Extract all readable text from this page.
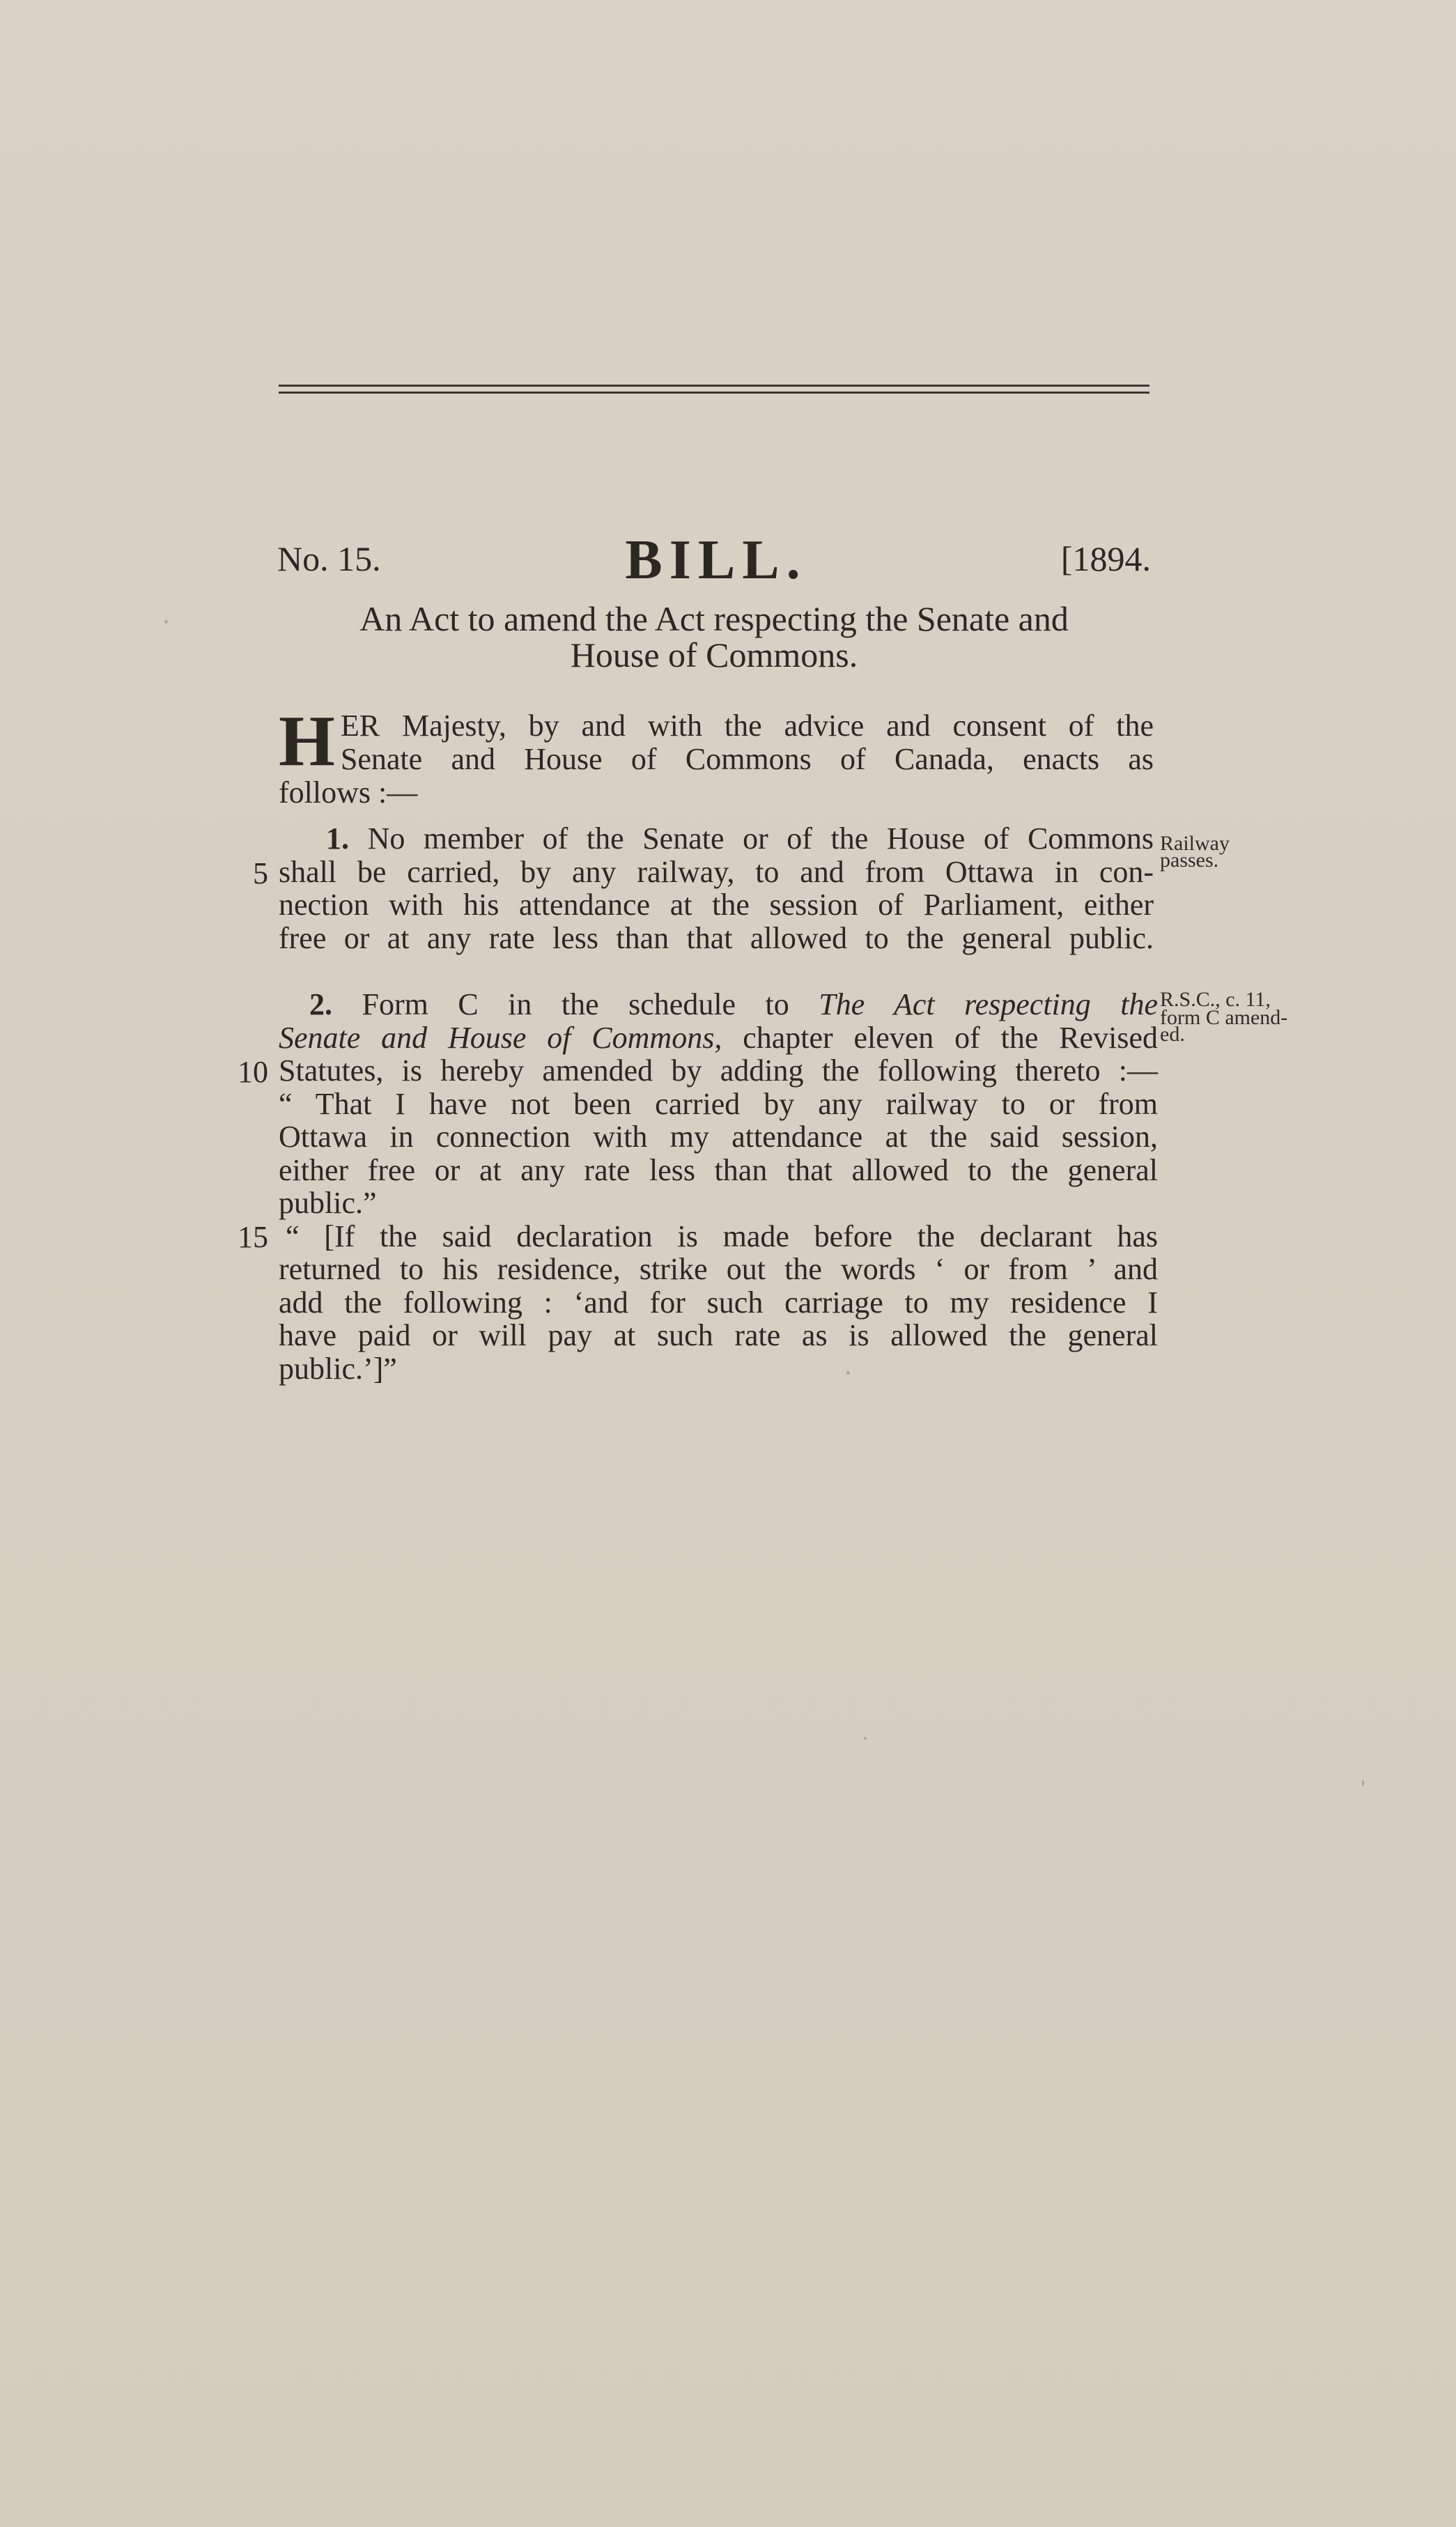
No. 15.	BILL.	[1894.
An Act to amend the Act respecting the Senate and
House of Commons.
H ER Majesty, by and with the advice and consent of the
Senate and House of Commons of Canada, enacts as
follows :—
1. No member of the Senate or of the House of Commons
shall be carried, by any railway, to and from Ottawa in con-
nection with his attendance at the session of Parliament, either
free or at any rate less than that allowed to the general public.
Railway
passes.
2. Form C in the schedule to The Act respecting the
Senate and House of Commons, chapter eleven of the Revised
Statutes, is hereby amended by adding the following thereto :—
“ That I have not been carried by any railway to or from
Ottawa in connection with my attendance at the said session,
either free or at any rate less than that allowed to the general
public.”
“ [If the said declaration is made before the declarant has
returned to his residence, strike out the words ‘ or from ’ and
add the following : ‘and for such carriage to my residence I
have paid or will pay at such rate as is allowed the general
public.’]”
R.S.C., c. 11,
form C amend-
ed.
5
10
15
